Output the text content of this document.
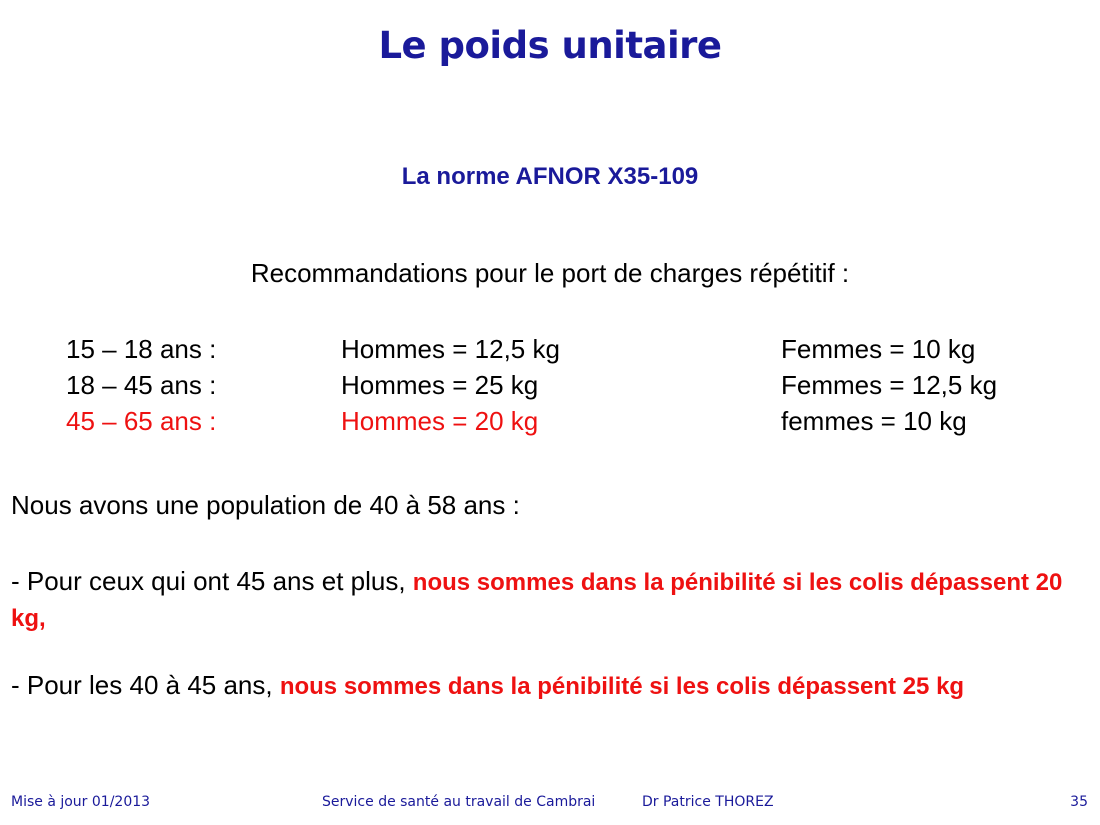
Le poids unitaire
La norme AFNOR X35-109
Recommandations pour le port de charges répétitif :
15 – 18 ans :	Hommes = 12,5 kg	Femmes = 10 kg
18 – 45 ans :	Hommes = 25 kg	Femmes = 12,5 kg
45 – 65 ans :	Hommes = 20 kg	femmes = 10 kg
Nous avons une population de 40 à 58 ans :
- Pour ceux qui ont 45 ans et plus, nous sommes dans la pénibilité si les colis dépassent 20 kg,
- Pour les 40 à 45 ans, nous sommes dans la pénibilité si les colis dépassent 25 kg
Mise à jour 01/2013	Service de santé au travail de Cambrai	Dr Patrice THOREZ	35
